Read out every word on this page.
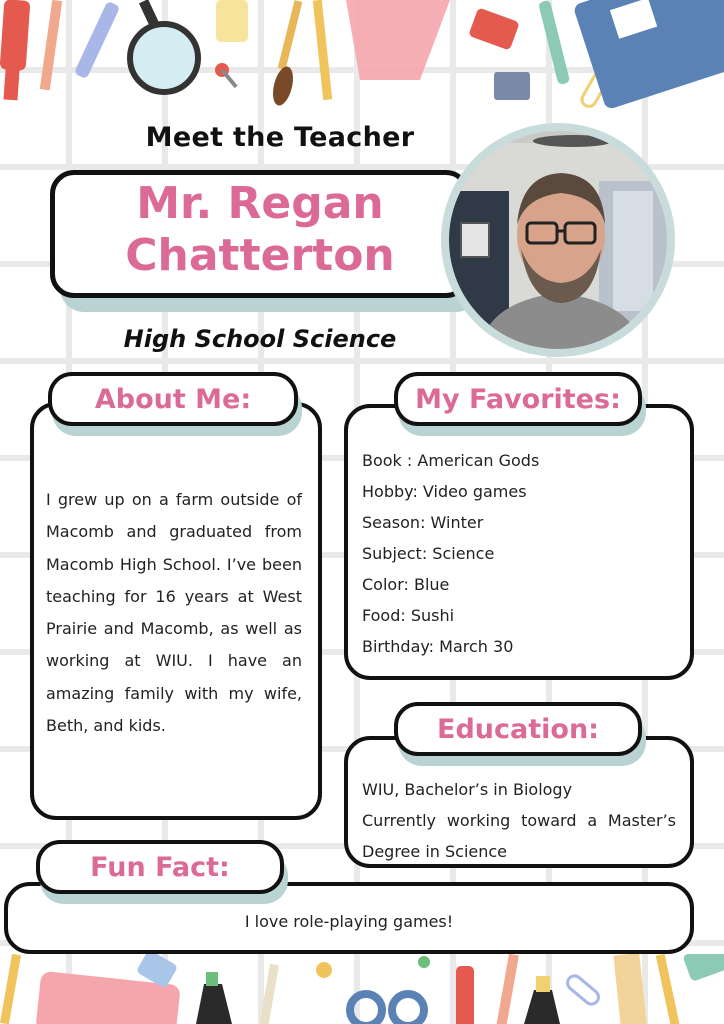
Meet the Teacher
Mr. Regan
Chatterton
High School Science
About Me:
I grew up on a farm outside of Macomb and graduated from Macomb High School. I’ve been teaching for 16 years at West Prairie and Macomb, as well as working at WIU. I have an amazing family with my wife, Beth, and kids.
My Favorites:
Book : American Gods
Hobby: Video games
Season: Winter
Subject: Science
Color: Blue
Food: Sushi
Birthday: March 30
Education:
WIU, Bachelor’s in Biology
Currently working toward a Master’s Degree in Science
Fun Fact:
I love role-playing games!
